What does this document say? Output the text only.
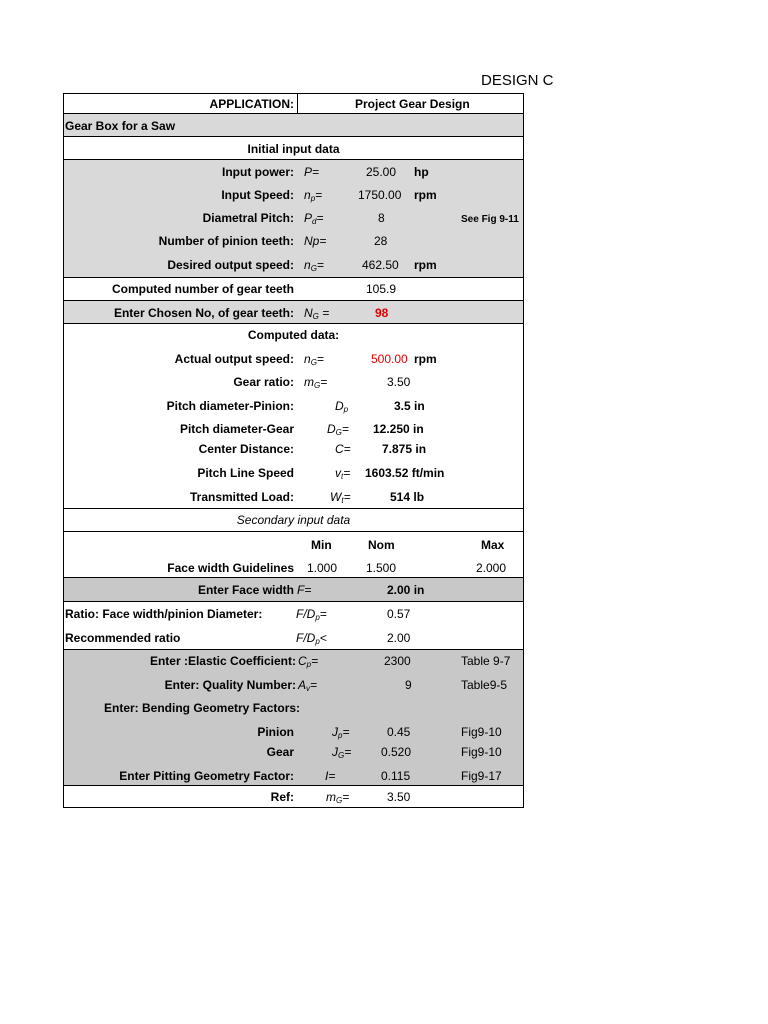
DESIGN C
APPLICATION:	Project Gear Design
Gear Box for a Saw
Initial input data
Input power: P=	25.00 hp
Input Speed: $n_p=$	1750.00 rpm
Diametral Pitch: $P_d=$	8	See Fig 9-11
Number of pinion teeth: Np=	28
Desired output speed: $n_G=$	462.50 rpm
Computed number of gear teeth	105.9
Enter Chosen No, of gear teeth: $N_G$ =	98
Computed data:
Actual output speed: $n_G=$	500.00 rpm
Gear ratio: $m_G=$	3.50
Pitch diameter-Pinion:	$D_p$	3.5 in
Pitch diameter-Gear	$D_G= 12.250$ in
Center Distance:	C=	7.875 in
Pitch Line Speed	$v_t= 1603.52$ ft/min
Transmitted Load:	$W_t=$	514 lb
Secondary input data
Min	Nom	Max
Face width Guidelines 1.000 1.500	2.000
Enter Face width F=	2.00 in
Ratio: Face width/pinion Diameter:	$F/D_p=$	0.57
Recommended ratio	$F/D_p<$	2.00
Enter :Elastic Coefficient: $C_p=$	2300	Table 9-7
Enter: Quality Number: $A_v=$	9	Table9-5
Enter: Bending Geometry Factors:
Pinion	$J_p=$	0.45	Fig9-10
Gear	$J_G= 0.520$	Fig9-10
Enter Pitting Geometry Factor:	I=	0.115	Fig9-17
Ref:	$m_G=$	3.50
